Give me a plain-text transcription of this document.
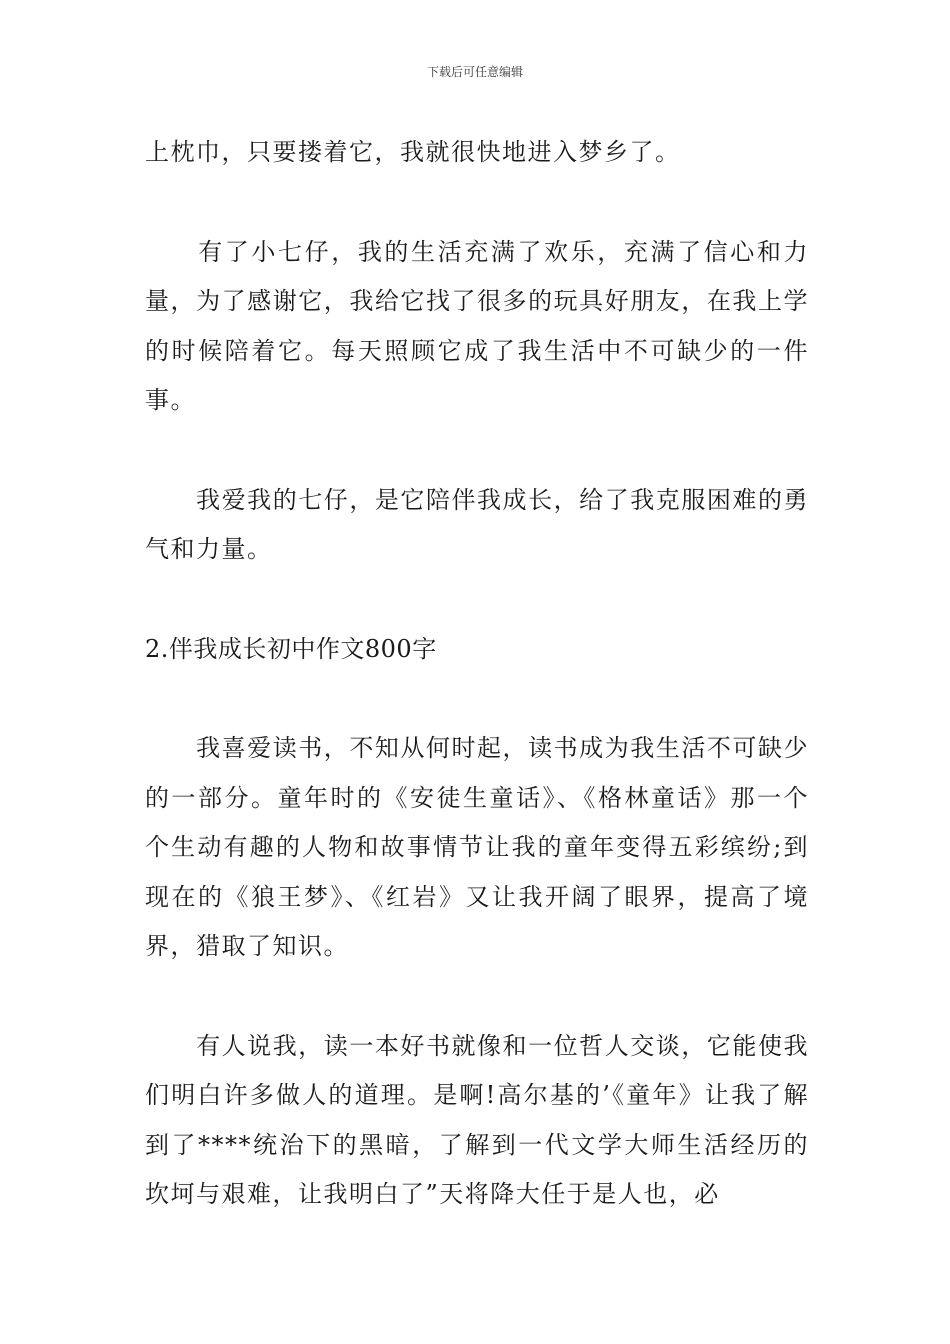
下载后可任意编辑

上枕巾，只要搂着它，我就很快地进入梦乡了。

　　有了小七仔，我的生活充满了欢乐，充满了信心和力量，为了感谢它，我给它找了很多的玩具好朋友，在我上学的时候陪着它。每天照顾它成了我生活中不可缺少的一件事。

　　我爱我的七仔，是它陪伴我成长，给了我克服困难的勇气和力量。

2.伴我成长初中作文800字

　　我喜爱读书，不知从何时起，读书成为我生活不可缺少的一部分。童年时的《安徒生童话》、《格林童话》那一个个生动有趣的人物和故事情节让我的童年变得五彩缤纷;到现在的《狼王梦》、《红岩》又让我开阔了眼界，提高了境界，猎取了知识。

　　有人说我，读一本好书就像和一位哲人交谈，它能使我们明白许多做人的道理。是啊!高尔基的’《童年》让我了解到了****统治下的黑暗，了解到一代文学大师生活经历的坎坷与艰难，让我明白了”天将降大任于是人也，必
